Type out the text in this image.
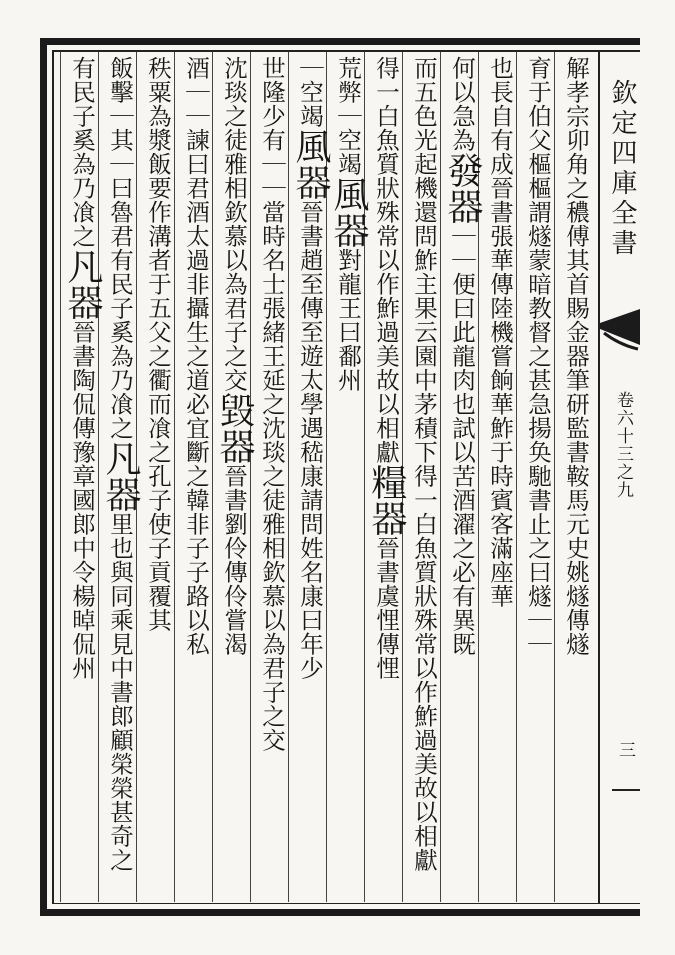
欽定四庫全書
卷六十三之九
三
解孝宗卯角之穠傅其首賜金器筆研監書鞍馬元史姚燧傳燧
育于伯父樞樞謂燧蒙暗教督之甚急揚奂馳書止之曰燧｜｜
也長自有成晉書張華傳陸機嘗餉華鮓于時賓客滿座華
何以急為發器｜｜便曰此龍肉也試以苦酒濯之必有異既
而五色光起機還問鮓主果云園中茅積下得一白魚質狀殊常以作鮓過美故以相獻
得一白魚質狀殊常以作鮓過美故以相獻糧器晉書虞悝傳悝
荒弊｜空竭風器對龍王曰鄱州
｜空竭風器晉書趙至傳至遊太學遇嵇康請問姓名康曰年少
世隆少有｜｜當時名士張緒王延之沈琰之徒雅相欽慕以為君子之交
沈琰之徒雅相欽慕以為君子之交毀器晉書劉伶傳伶嘗渴
酒｜｜諫曰君酒太過非攝生之道必宜斷之韓非子子路以私
秩粟為漿飯要作溝者于五父之衢而飡之孔子使子貢覆其
飯擊｜其｜曰魯君有民子奚為乃飡之凡器里也與同乘見中書郎顧榮榮甚奇之
有民子奚為乃飡之凡器晉書陶侃傳豫章國郎中令楊晫侃州
